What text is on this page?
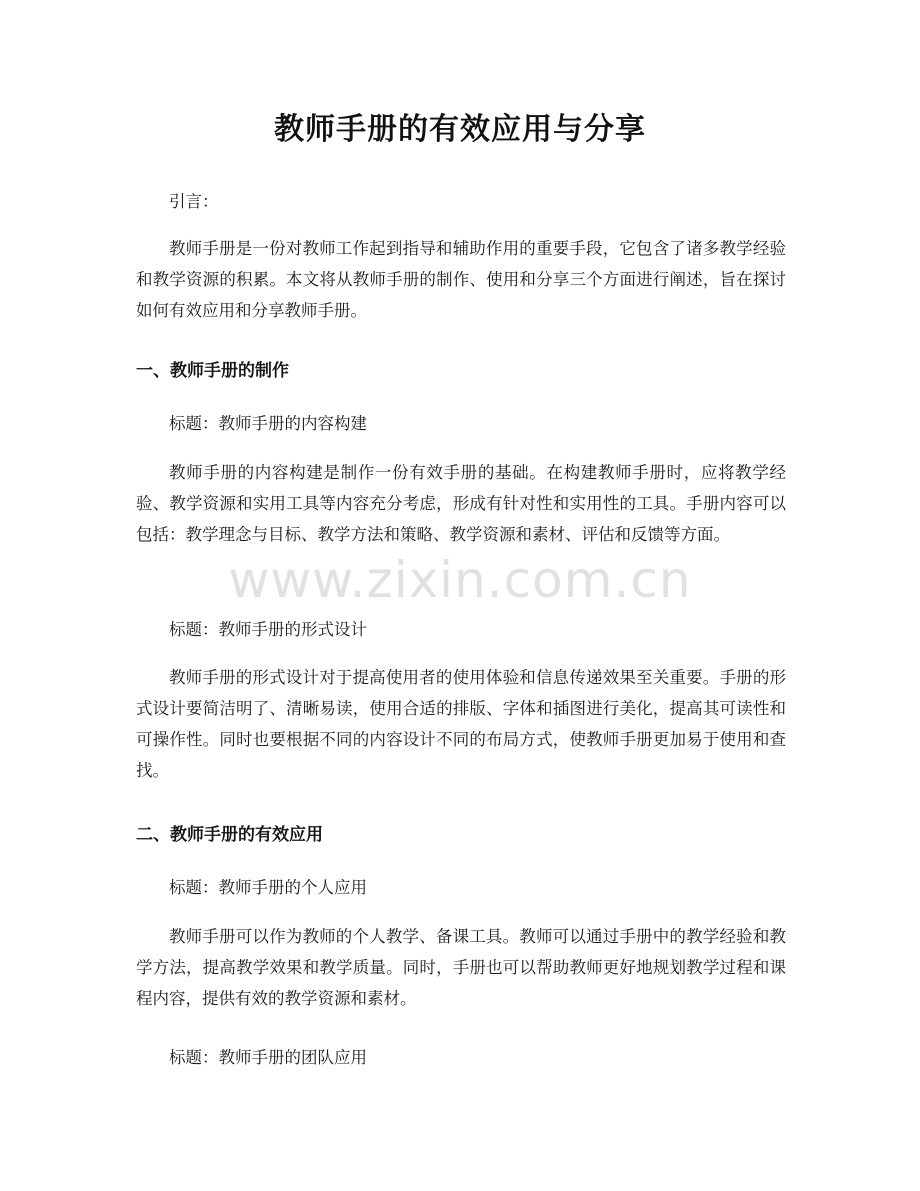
教师手册的有效应用与分享
引言：
教师手册是一份对教师工作起到指导和辅助作用的重要手段，它包含了诸多教学经验和教学资源的积累。本文将从教师手册的制作、使用和分享三个方面进行阐述，旨在探讨如何有效应用和分享教师手册。
一、教师手册的制作
标题：教师手册的内容构建
教师手册的内容构建是制作一份有效手册的基础。在构建教师手册时，应将教学经验、教学资源和实用工具等内容充分考虑，形成有针对性和实用性的工具。手册内容可以包括：教学理念与目标、教学方法和策略、教学资源和素材、评估和反馈等方面。
标题：教师手册的形式设计
教师手册的形式设计对于提高使用者的使用体验和信息传递效果至关重要。手册的形式设计要简洁明了、清晰易读，使用合适的排版、字体和插图进行美化，提高其可读性和可操作性。同时也要根据不同的内容设计不同的布局方式，使教师手册更加易于使用和查找。
二、教师手册的有效应用
标题：教师手册的个人应用
教师手册可以作为教师的个人教学、备课工具。教师可以通过手册中的教学经验和教学方法，提高教学效果和教学质量。同时，手册也可以帮助教师更好地规划教学过程和课程内容，提供有效的教学资源和素材。
标题：教师手册的团队应用
www.zixin.com.cn
